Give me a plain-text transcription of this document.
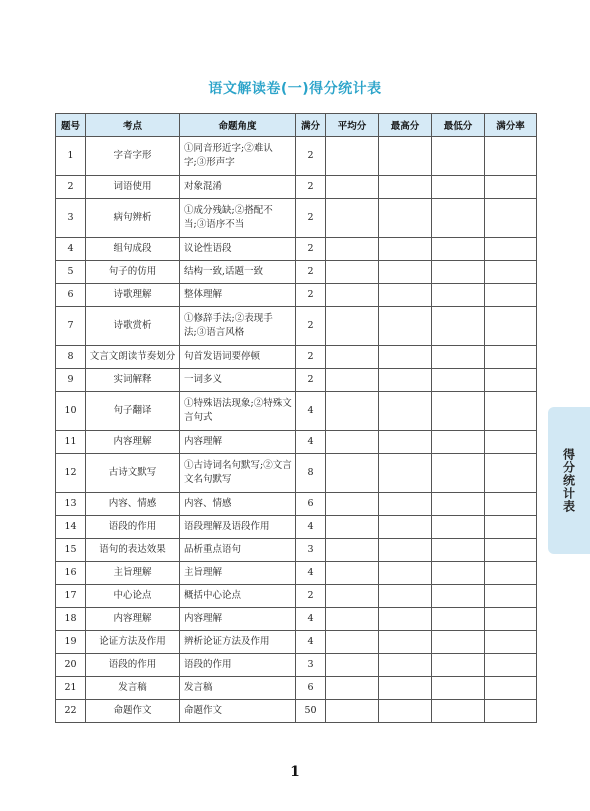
语文解读卷(一)得分统计表
题号	考点	命题角度	满分	平均分	最高分	最低分	满分率
1	字音字形	①同音形近字;②难认字;③形声字	2				
2	词语使用	对象混淆	2				
3	病句辨析	①成分残缺;②搭配不当;③语序不当	2				
4	组句成段	议论性语段	2				
5	句子的仿用	结构一致,话题一致	2				
6	诗歌理解	整体理解	2				
7	诗歌赏析	①修辞手法;②表现手法;③语言风格	2				
8	文言文朗读节奏划分	句首发语词要停顿	2				
9	实词解释	一词多义	2				
10	句子翻译	①特殊语法现象;②特殊文言句式	4				
11	内容理解	内容理解	4				
12	古诗文默写	①古诗词名句默写;②文言文名句默写	8				
13	内容、情感	内容、情感	6				
14	语段的作用	语段理解及语段作用	4				
15	语句的表达效果	品析重点语句	3				
16	主旨理解	主旨理解	4				
17	中心论点	概括中心论点	2				
18	内容理解	内容理解	4				
19	论证方法及作用	辨析论证方法及作用	4				
20	语段的作用	语段的作用	3				
21	发言稿	发言稿	6				
22	命题作文	命题作文	50				
得分统计表
1
